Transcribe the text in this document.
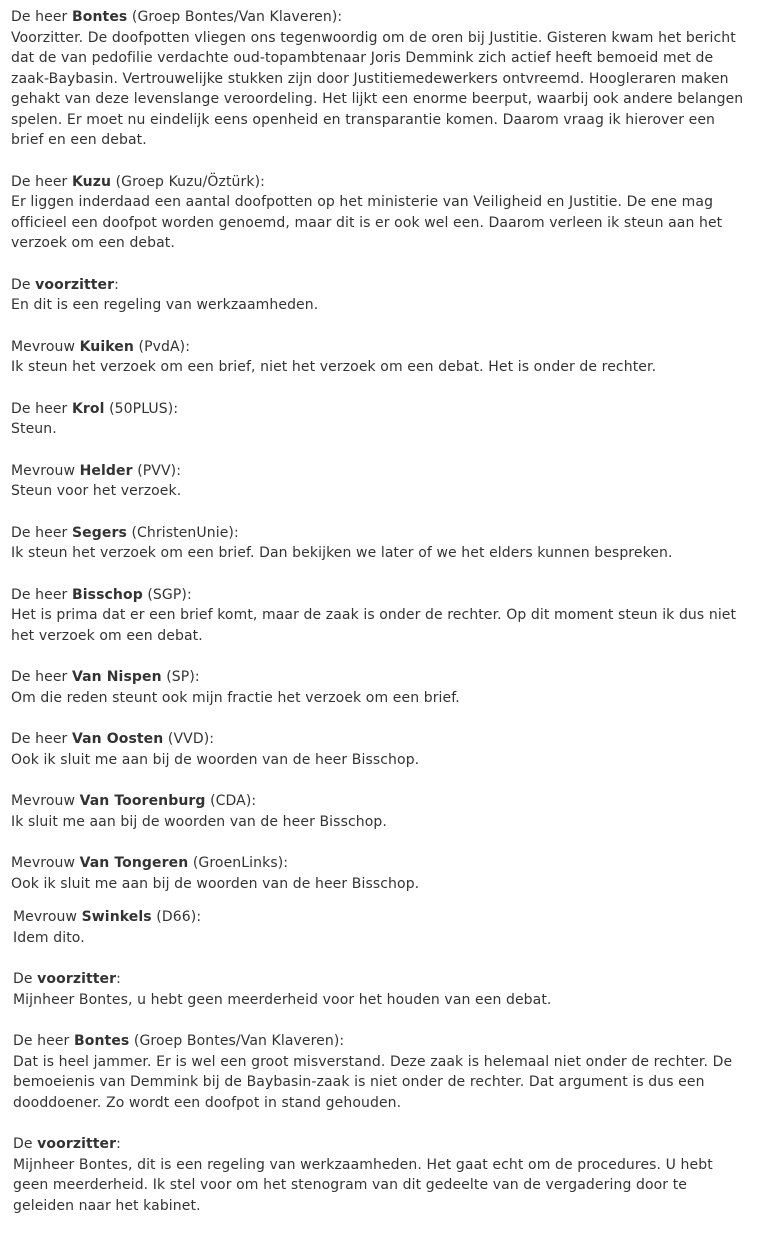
De heer Bontes (Groep Bontes/Van Klaveren):
Voorzitter. De doofpotten vliegen ons tegenwoordig om de oren bij Justitie. Gisteren kwam het bericht dat de van pedofilie verdachte oud-topambtenaar Joris Demmink zich actief heeft bemoeid met de zaak-Baybasin. Vertrouwelijke stukken zijn door Justitiemedewerkers ontvreemd. Hoogleraren maken gehakt van deze levenslange veroordeling. Het lijkt een enorme beerput, waarbij ook andere belangen spelen. Er moet nu eindelijk eens openheid en transparantie komen. Daarom vraag ik hierover een brief en een debat.
De heer Kuzu (Groep Kuzu/Öztürk):
Er liggen inderdaad een aantal doofpotten op het ministerie van Veiligheid en Justitie. De ene mag officieel een doofpot worden genoemd, maar dit is er ook wel een. Daarom verleen ik steun aan het verzoek om een debat.
De voorzitter:
En dit is een regeling van werkzaamheden.
Mevrouw Kuiken (PvdA):
Ik steun het verzoek om een brief, niet het verzoek om een debat. Het is onder de rechter.
De heer Krol (50PLUS):
Steun.
Mevrouw Helder (PVV):
Steun voor het verzoek.
De heer Segers (ChristenUnie):
Ik steun het verzoek om een brief. Dan bekijken we later of we het elders kunnen bespreken.
De heer Bisschop (SGP):
Het is prima dat er een brief komt, maar de zaak is onder de rechter. Op dit moment steun ik dus niet het verzoek om een debat.
De heer Van Nispen (SP):
Om die reden steunt ook mijn fractie het verzoek om een brief.
De heer Van Oosten (VVD):
Ook ik sluit me aan bij de woorden van de heer Bisschop.
Mevrouw Van Toorenburg (CDA):
Ik sluit me aan bij de woorden van de heer Bisschop.
Mevrouw Van Tongeren (GroenLinks):
Ook ik sluit me aan bij de woorden van de heer Bisschop.
Mevrouw Swinkels (D66):
Idem dito.
De voorzitter:
Mijnheer Bontes, u hebt geen meerderheid voor het houden van een debat.
De heer Bontes (Groep Bontes/Van Klaveren):
Dat is heel jammer. Er is wel een groot misverstand. Deze zaak is helemaal niet onder de rechter. De bemoeienis van Demmink bij de Baybasin-zaak is niet onder de rechter. Dat argument is dus een dooddoener. Zo wordt een doofpot in stand gehouden.
De voorzitter:
Mijnheer Bontes, dit is een regeling van werkzaamheden. Het gaat echt om de procedures. U hebt geen meerderheid. Ik stel voor om het stenogram van dit gedeelte van de vergadering door te geleiden naar het kabinet.
